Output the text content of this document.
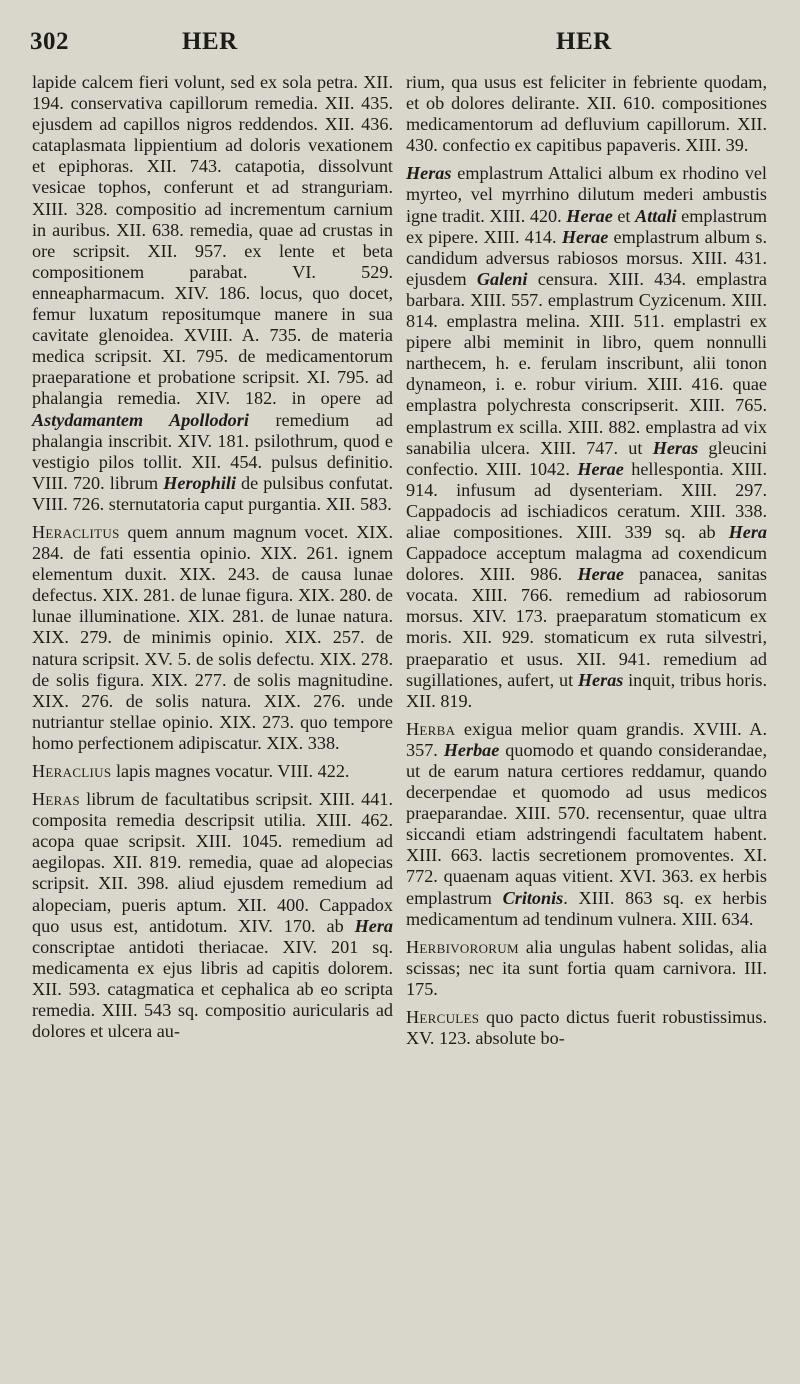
302	HER	HER

lapide calcem fieri volunt, sed ex sola petra. XII. 194. conservativa capillorum remedia. XII. 435. ejusdem ad capillos nigros reddendos. XII. 436. cataplasmata lippientium ad doloris vexationem et epiphoras. XII. 743. catapotia, dissolvunt vesicae tophos, conferunt et ad stranguriam. XIII. 328. compositio ad incrementum carnium in auribus. XII. 638. remedia, quae ad crustas in ore scripsit. XII. 957. ex lente et beta compositionem parabat. VI. 529. enneapharmacum. XIV. 186. locus, quo docet, femur luxatum repositumque manere in sua cavitate glenoidea. XVIII. A. 735. de materia medica scripsit. XI. 795. de medicamentorum praeparatione et probatione scripsit. XI. 795. ad phalangia remedia. XIV. 182. in opere ad Astydamantem Apollodori remedium ad phalangia inscribit. XIV. 181. psilothrum, quod e vestigio pilos tollit. XII. 454. pulsus definitio. VIII. 720. librum Herophili de pulsibus confutat. VIII. 726. sternutatoria caput purgantia. XII. 583.

Heraclitus quem annum magnum vocet. XIX. 284. de fati essentia opinio. XIX. 261. ignem elementum duxit. XIX. 243. de causa lunae defectus. XIX. 281. de lunae figura. XIX. 280. de lunae illuminatione. XIX. 281. de lunae natura. XIX. 279. de minimis opinio. XIX. 257. de natura scripsit. XV. 5. de solis defectu. XIX. 278. de solis figura. XIX. 277. de solis magnitudine. XIX. 276. de solis natura. XIX. 276. unde nutriantur stellae opinio. XIX. 273. quo tempore homo perfectionem adipiscatur. XIX. 338.

Heraclius lapis magnes vocatur. VIII. 422.

Heras librum de facultatibus scripsit. XIII. 441. composita remedia descripsit utilia. XIII. 462. acopa quae scripsit. XIII. 1045. remedium ad aegilopas. XII. 819. remedia, quae ad alopecias scripsit. XII. 398. aliud ejusdem remedium ad alopeciam, pueris aptum. XII. 400. Cappadox quo usus est, antidotum. XIV. 170. ab Hera conscriptae antidoti theriacae. XIV. 201 sq. medicamenta ex ejus libris ad capitis dolorem. XII. 593. catagmatica et cephalica ab eo scripta remedia. XIII. 543 sq. compositio auricularis ad dolores et ulcera au-

rium, qua usus est feliciter in febriente quodam, et ob dolores delirante. XII. 610. compositiones medicamentorum ad defluvium capillorum. XII. 430. confectio ex capitibus papaveris. XIII. 39.

Heras emplastrum Attalici album ex rhodino vel myrteo, vel myrrhino dilutum mederi ambustis igne tradit. XIII. 420. Herae et Attali emplastrum ex pipere. XIII. 414. Herae emplastrum album s. candidum adversus rabiosos morsus. XIII. 431. ejusdem Galeni censura. XIII. 434. emplastra barbara. XIII. 557. emplastrum Cyzicenum. XIII. 814. emplastra melina. XIII. 511. emplastri ex pipere albi meminit in libro, quem nonnulli narthecem, h. e. ferulam inscribunt, alii tonon dynameon, i. e. robur virium. XIII. 416. quae emplastra polychresta conscripserit. XIII. 765. emplastrum ex scilla. XIII. 882. emplastra ad vix sanabilia ulcera. XIII. 747. ut Heras gleucini confectio. XIII. 1042. Herae hellespontia. XIII. 914. infusum ad dysenteriam. XIII. 297. Cappadocis ad ischiadicos ceratum. XIII. 338. aliae compositiones. XIII. 339 sq. ab Hera Cappadoce acceptum malagma ad coxendicum dolores. XIII. 986. Herae panacea, sanitas vocata. XIII. 766. remedium ad rabiosorum morsus. XIV. 173. praeparatum stomaticum ex moris. XII. 929. stomaticum ex ruta silvestri, praeparatio et usus. XII. 941. remedium ad sugillationes, aufert, ut Heras inquit, tribus horis. XII. 819.

Herba exigua melior quam grandis. XVIII. A. 357. Herbae quomodo et quando considerandae, ut de earum natura certiores reddamur, quando decerpendae et quomodo ad usus medicos praeparandae. XIII. 570. recensentur, quae ultra siccandi etiam adstringendi facultatem habent. XIII. 663. lactis secretionem promoventes. XI. 772. quaenam aquas vitient. XVI. 363. ex herbis emplastrum Critonis. XIII. 863 sq. ex herbis medicamentum ad tendinum vulnera. XIII. 634.

Herbivororum alia ungulas habent solidas, alia scissas; nec ita sunt fortia quam carnivora. III. 175.

Hercules quo pacto dictus fuerit robustissimus. XV. 123. absolute bo-
